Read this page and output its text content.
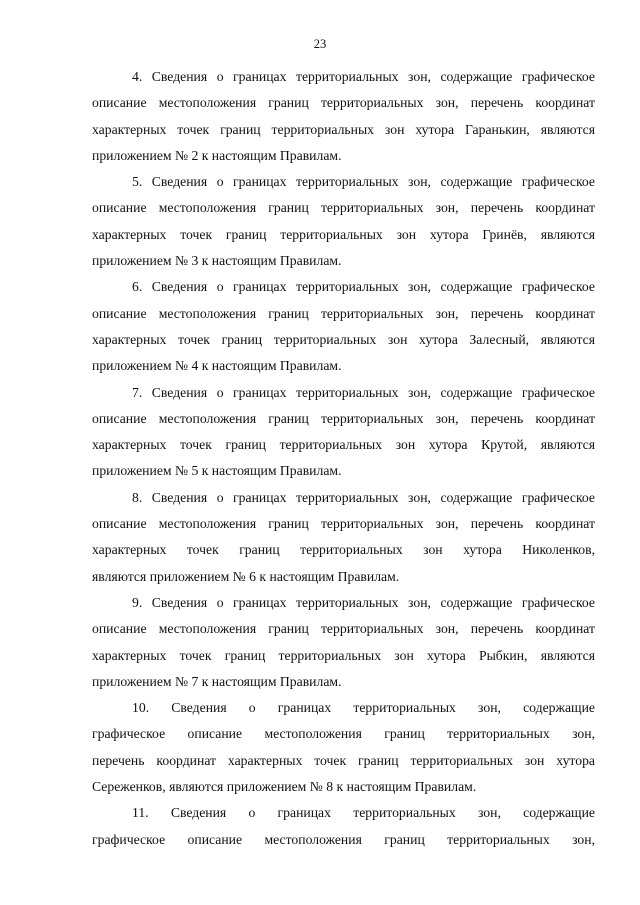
23

4. Сведения о границах территориальных зон, содержащие графическое
описание местоположения границ территориальных зон, перечень координат
характерных точек границ территориальных зон хутора Гаранькин, являются
приложением № 2 к настоящим Правилам.

5. Сведения о границах территориальных зон, содержащие графическое
описание местоположения границ территориальных зон, перечень координат
характерных точек границ территориальных зон хутора Гринёв, являются
приложением № 3 к настоящим Правилам.

6. Сведения о границах территориальных зон, содержащие графическое
описание местоположения границ территориальных зон, перечень координат
характерных точек границ территориальных зон хутора Залесный, являются
приложением № 4 к настоящим Правилам.

7. Сведения о границах территориальных зон, содержащие графическое
описание местоположения границ территориальных зон, перечень координат
характерных точек границ территориальных зон хутора Крутой, являются
приложением № 5 к настоящим Правилам.

8. Сведения о границах территориальных зон, содержащие графическое
описание местоположения границ территориальных зон, перечень координат
характерных точек границ территориальных зон хутора Николенков,
являются приложением № 6 к настоящим Правилам.

9. Сведения о границах территориальных зон, содержащие графическое
описание местоположения границ территориальных зон, перечень координат
характерных точек границ территориальных зон хутора Рыбкин, являются
приложением № 7 к настоящим Правилам.

10. Сведения о границах территориальных зон, содержащие
графическое описание местоположения границ территориальных зон,
перечень координат характерных точек границ территориальных зон хутора
Сереженков, являются приложением № 8 к настоящим Правилам.

11. Сведения о границах территориальных зон, содержащие
графическое описание местоположения границ территориальных зон,
